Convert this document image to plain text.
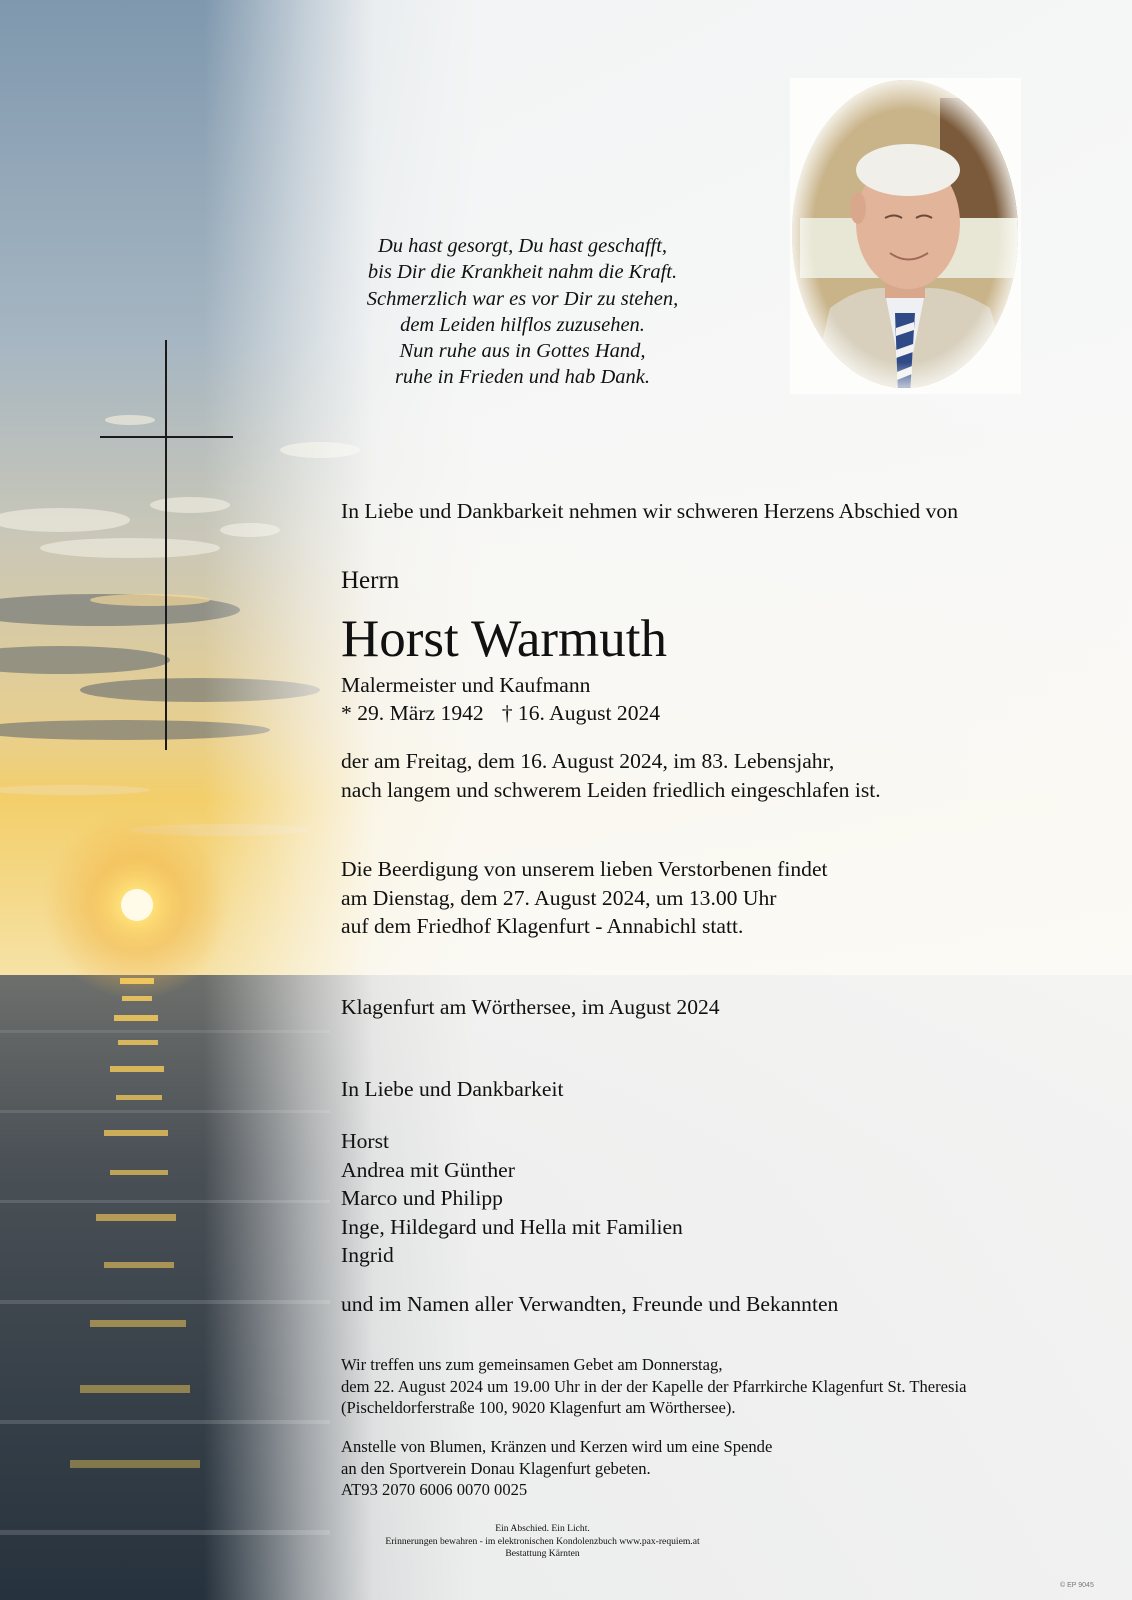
Du hast gesorgt, Du hast geschafft,
bis Dir die Krankheit nahm die Kraft.
Schmerzlich war es vor Dir zu stehen,
dem Leiden hilflos zuzusehen.
Nun ruhe aus in Gottes Hand,
ruhe in Frieden und hab Dank.
In Liebe und Dankbarkeit nehmen wir schweren Herzens Abschied von
Herrn
Horst Warmuth
Malermeister und Kaufmann
* 29. März 1942 † 16. August 2024
der am Freitag, dem 16. August 2024, im 83. Lebensjahr,
nach langem und schwerem Leiden friedlich eingeschlafen ist.
Die Beerdigung von unserem lieben Verstorbenen findet
am Dienstag, dem 27. August 2024, um 13.00 Uhr
auf dem Friedhof Klagenfurt - Annabichl statt.
Klagenfurt am Wörthersee, im August 2024
In Liebe und Dankbarkeit
Horst
Andrea mit Günther
Marco und Philipp
Inge, Hildegard und Hella mit Familien
Ingrid
und im Namen aller Verwandten, Freunde und Bekannten
Wir treffen uns zum gemeinsamen Gebet am Donnerstag,
dem 22. August 2024 um 19.00 Uhr in der der Kapelle der Pfarrkirche Klagenfurt St. Theresia
(Pischeldorferstraße 100, 9020 Klagenfurt am Wörthersee).
Anstelle von Blumen, Kränzen und Kerzen wird um eine Spende
an den Sportverein Donau Klagenfurt gebeten.
AT93 2070 6006 0070 0025
Ein Abschied. Ein Licht.
Erinnerungen bewahren - im elektronischen Kondolenzbuch www.pax-requiem.at
Bestattung Kärnten
© EP 9045
